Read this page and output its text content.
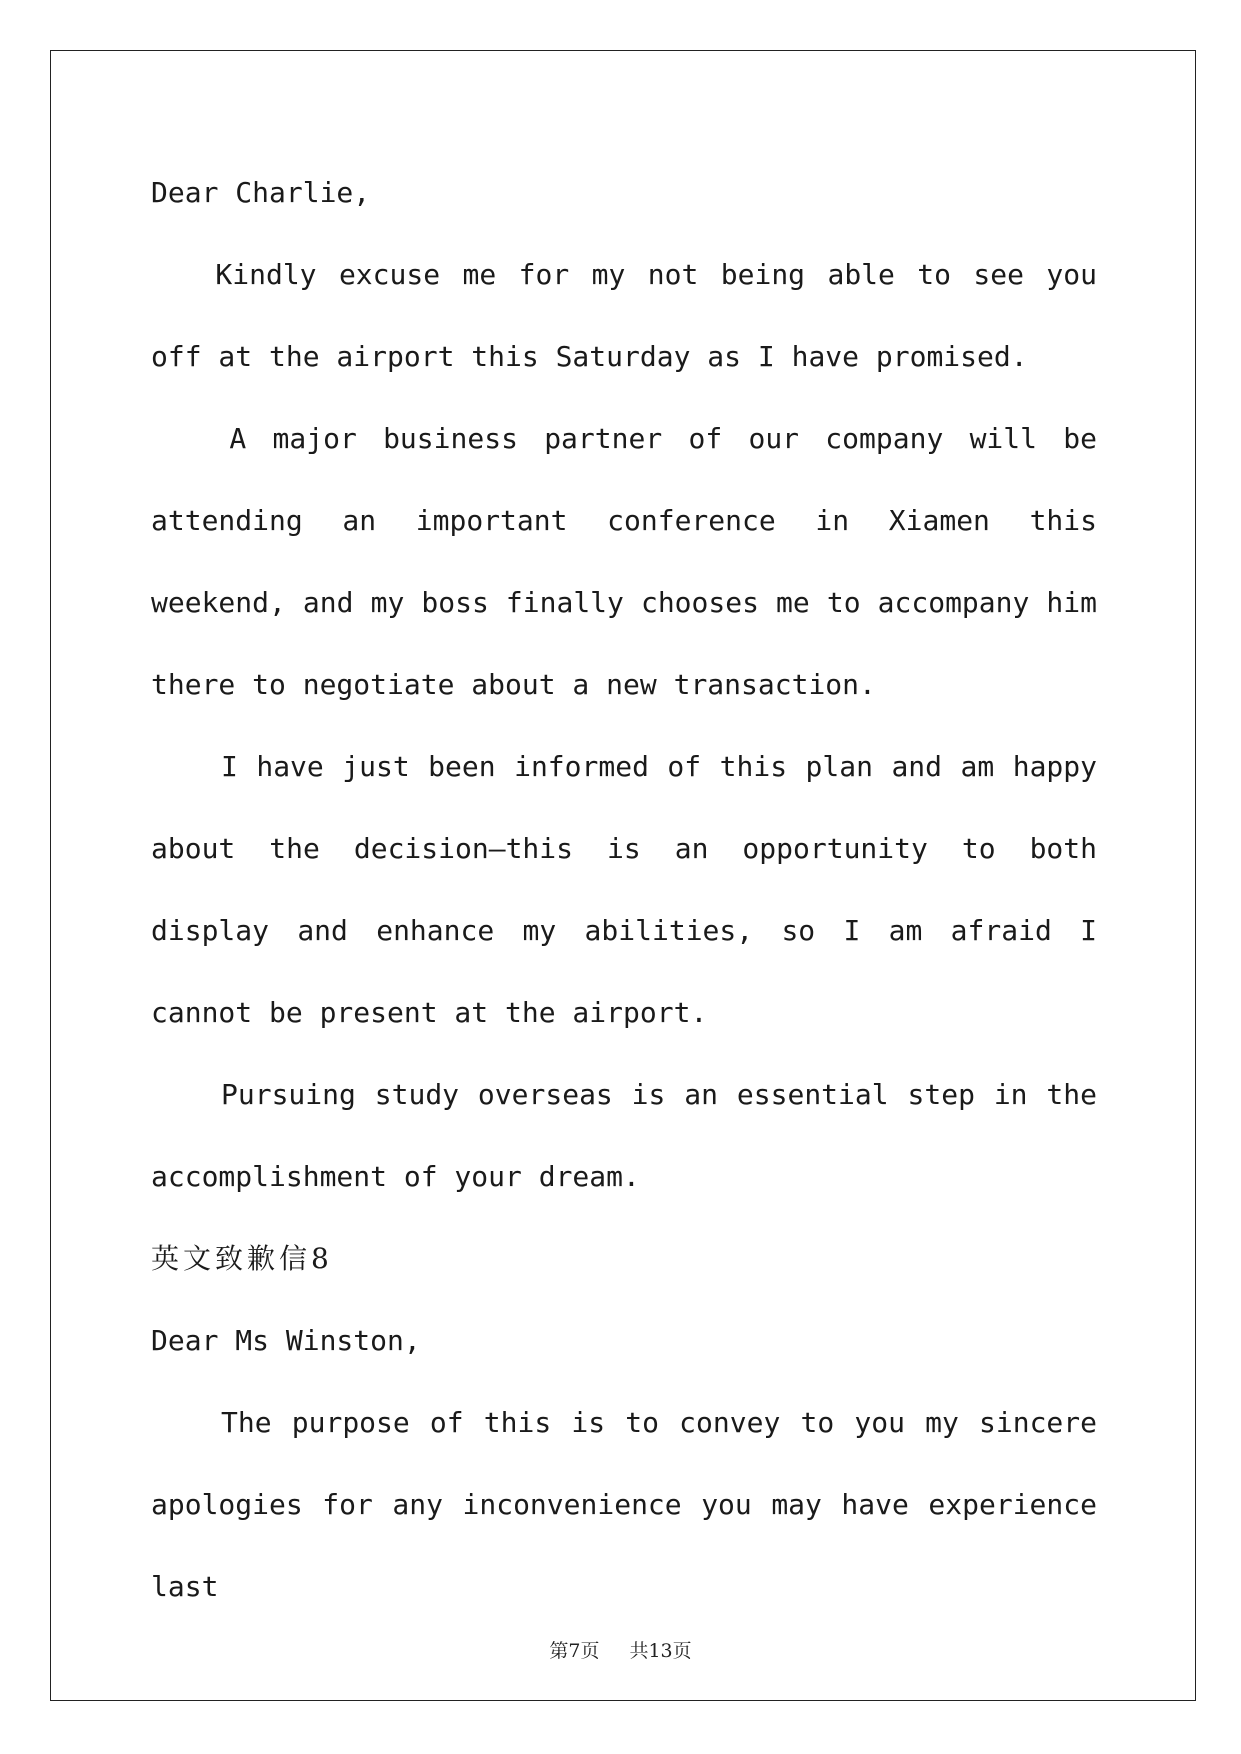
Dear Charlie,

Kindly excuse me for my not being able to see you off at the airport this Saturday as I have promised.

A major business partner of our company will be attending an important conference in Xiamen this weekend, and my boss finally chooses me to accompany him there to negotiate about a new transaction.

I have just been informed of this plan and am happy about the decision—this is an opportunity to both display and enhance my abilities, so I am afraid I cannot be present at the airport.

Pursuing study overseas is an essential step in the accomplishment of your dream.

英文致歉信8

Dear Ms Winston,

The purpose of this is to convey to you my sincere apologies for any inconvenience you may have experience last

第7页 共13页
